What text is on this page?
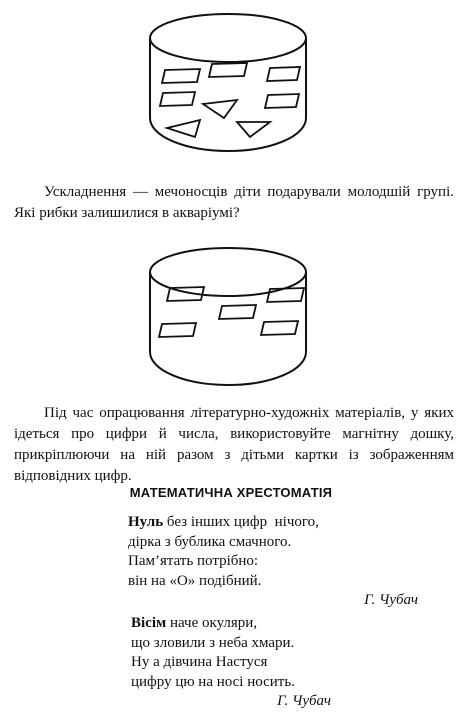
Ускладнення — мечоносців діти подарували молодшій групі. Які рибки залишилися в акваріумі?

Під час опрацювання літературно-художніх матеріалів, у яких ідеться про цифри й числа, використовуйте магнітну дошку, прикріплюючи на ній разом з дітьми картки із зображенням відповідних цифр.

МАТЕМАТИЧНА ХРЕСТОМАТІЯ
Нуль без інших цифр  нічого,
дірка з бублика смачного.
Пам’ятать потрібно:
він на «О» подібний.
Г. Чубач
Вісім наче окуляри,
що зловили з неба хмари.
Ну а дівчина Настуся
цифру цю на носі носить.
Г. Чубач
